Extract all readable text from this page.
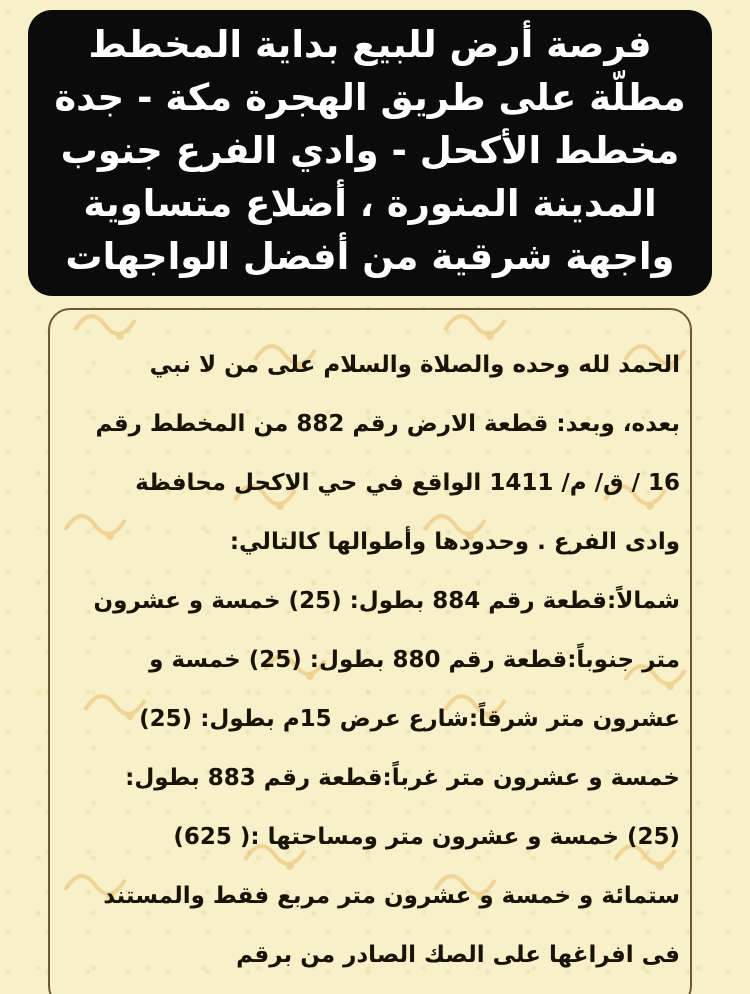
فرصة أرض للبيع بداية المخطط
مطلّة على طريق الهجرة مكة - جدة
مخطط الأكحل - وادي الفرع جنوب
المدينة المنورة ، أضلاع متساوية
واجهة شرقية من أفضل الواجهات
الحمد لله وحده والصلاة والسلام على من لا نبي
بعده، وبعد: قطعة الارض رقم 882 من المخطط رقم
16 / ق/ م/ 1411 الواقع في حي الاكحل محافظة
وادى الفرع . وحدودها وأطوالها كالتالي:
شمالاً:قطعة رقم 884 بطول: (25) خمسة و عشرون
متر جنوباً:قطعة رقم 880 بطول: (25) خمسة و
عشرون متر شرقاً:شارع عرض 15م بطول: (25)
خمسة و عشرون متر غرباً:قطعة رقم 883 بطول:
(25) خمسة و عشرون متر ومساحتها :( 625)
ستمائة و خمسة و عشرون متر مربع فقط والمستند
فى افراغها على الصك الصادر من برقم
